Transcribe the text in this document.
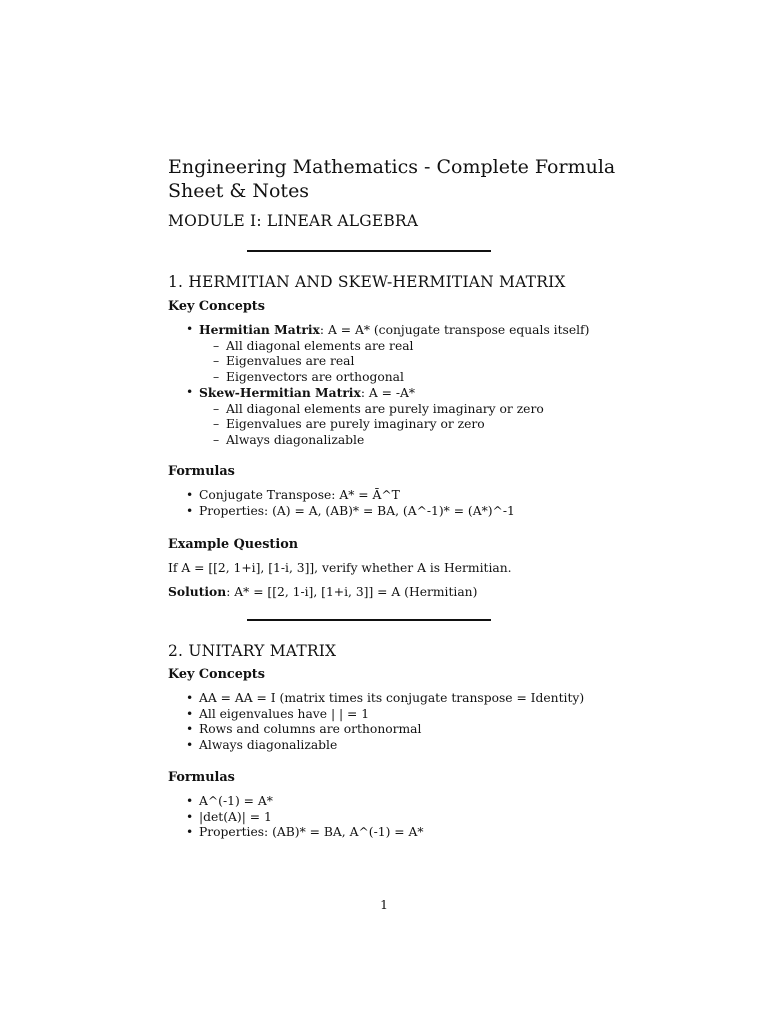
Engineering Mathematics - Complete Formula Sheet & Notes
MODULE I: LINEAR ALGEBRA
1. HERMITIAN AND SKEW-HERMITIAN MATRIX
Key Concepts
• Hermitian Matrix: A = A* (conjugate transpose equals itself)
– All diagonal elements are real
– Eigenvalues are real
– Eigenvectors are orthogonal
• Skew-Hermitian Matrix: A = -A*
– All diagonal elements are purely imaginary or zero
– Eigenvalues are purely imaginary or zero
– Always diagonalizable
Formulas
• Conjugate Transpose: A* = Ā^T
• Properties: (A) = A, (AB)* = BA, (A^-1)* = (A*)^-1
Example Question
If A = [[2, 1+i], [1-i, 3]], verify whether A is Hermitian.
Solution: A* = [[2, 1-i], [1+i, 3]] = A (Hermitian)
2. UNITARY MATRIX
Key Concepts
• AA = AA = I (matrix times its conjugate transpose = Identity)
• All eigenvalues have | | = 1
• Rows and columns are orthonormal
• Always diagonalizable
Formulas
• A^(-1) = A*
• |det(A)| = 1
• Properties: (AB)* = BA, A^(-1) = A*
1
